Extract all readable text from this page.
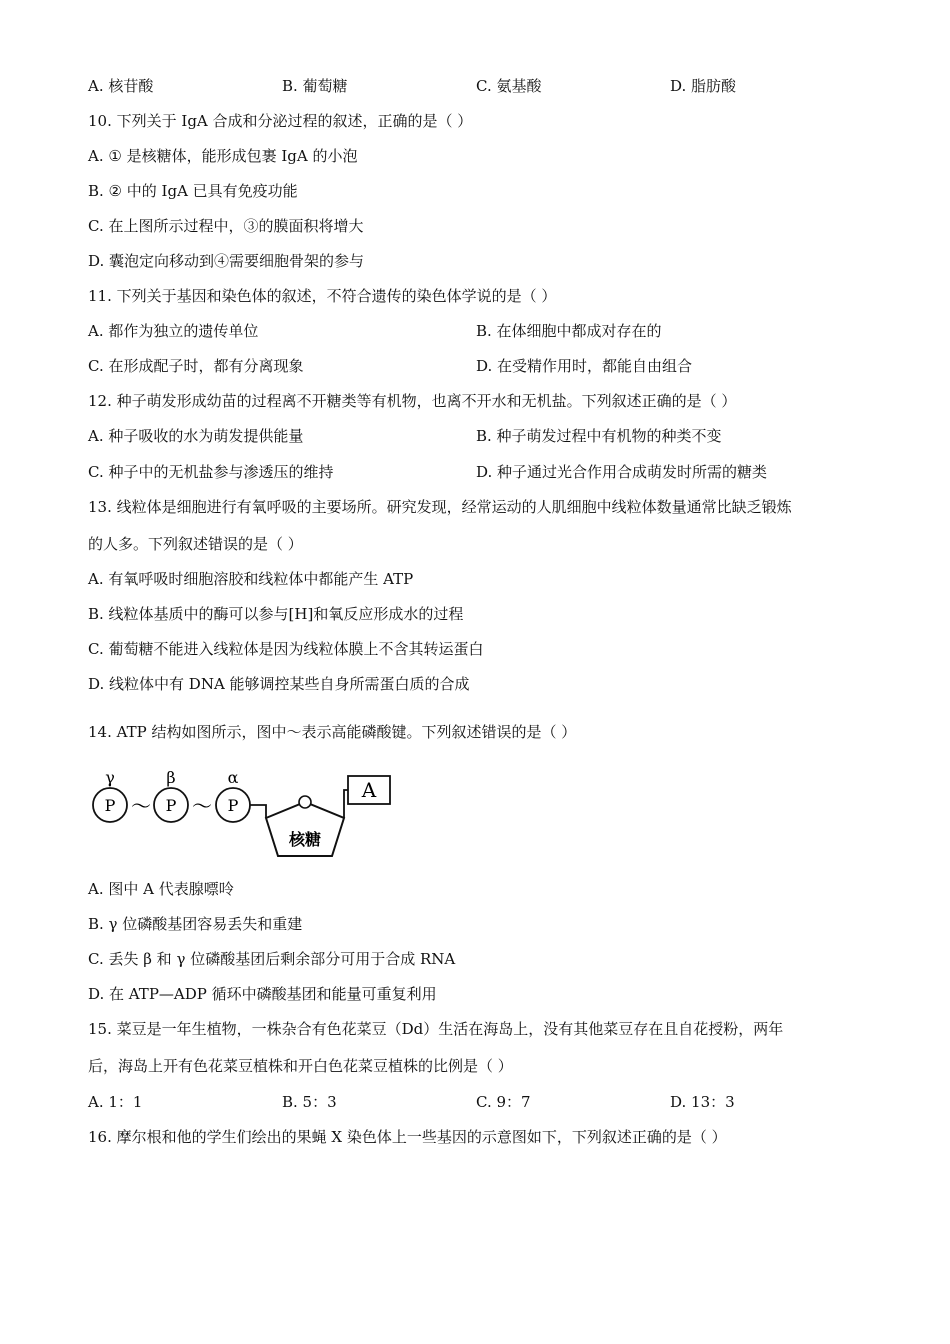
A. 核苷酸	B. 葡萄糖	C. 氨基酸	D. 脂肪酸
10. 下列关于 IgA 合成和分泌过程的叙述，正确的是（ ）
A. ① 是核糖体，能形成包裹 IgA 的小泡
B. ② 中的 IgA 已具有免疫功能
C. 在上图所示过程中，③的膜面积将增大
D. 囊泡定向移动到④需要细胞骨架的参与
11. 下列关于基因和染色体的叙述，不符合遗传的染色体学说的是（ ）
A. 都作为独立的遗传单位	B. 在体细胞中都成对存在的
C. 在形成配子时，都有分离现象	D. 在受精作用时，都能自由组合
12. 种子萌发形成幼苗的过程离不开糖类等有机物，也离不开水和无机盐。下列叙述正确的是（ ）
A. 种子吸收的水为萌发提供能量	B. 种子萌发过程中有机物的种类不变
C. 种子中的无机盐参与渗透压的维持	D. 种子通过光合作用合成萌发时所需的糖类
13. 线粒体是细胞进行有氧呼吸的主要场所。研究发现，经常运动的人肌细胞中线粒体数量通常比缺乏锻炼
的人多。下列叙述错误的是（ ）
A. 有氧呼吸时细胞溶胶和线粒体中都能产生 ATP
B. 线粒体基质中的酶可以参与[H]和氧反应形成水的过程
C. 葡萄糖不能进入线粒体是因为线粒体膜上不含其转运蛋白
D. 线粒体中有 DNA 能够调控某些自身所需蛋白质的合成
14. ATP 结构如图所示，图中～表示高能磷酸键。下列叙述错误的是（ ）
γ	β	α
P	P	P
～ ～
核糖
A
A. 图中 A 代表腺嘌呤
B. γ 位磷酸基团容易丢失和重建
C. 丢失 β 和 γ 位磷酸基团后剩余部分可用于合成 RNA
D. 在 ATP—ADP 循环中磷酸基团和能量可重复利用
15. 菜豆是一年生植物，一株杂合有色花菜豆（Dd）生活在海岛上，没有其他菜豆存在且自花授粉，两年
后，海岛上开有色花菜豆植株和开白色花菜豆植株的比例是（ ）
A. 1：1	B. 5：3	C. 9：7	D. 13：3
16. 摩尔根和他的学生们绘出的果蝇 X 染色体上一些基因的示意图如下，下列叙述正确的是（ ）
